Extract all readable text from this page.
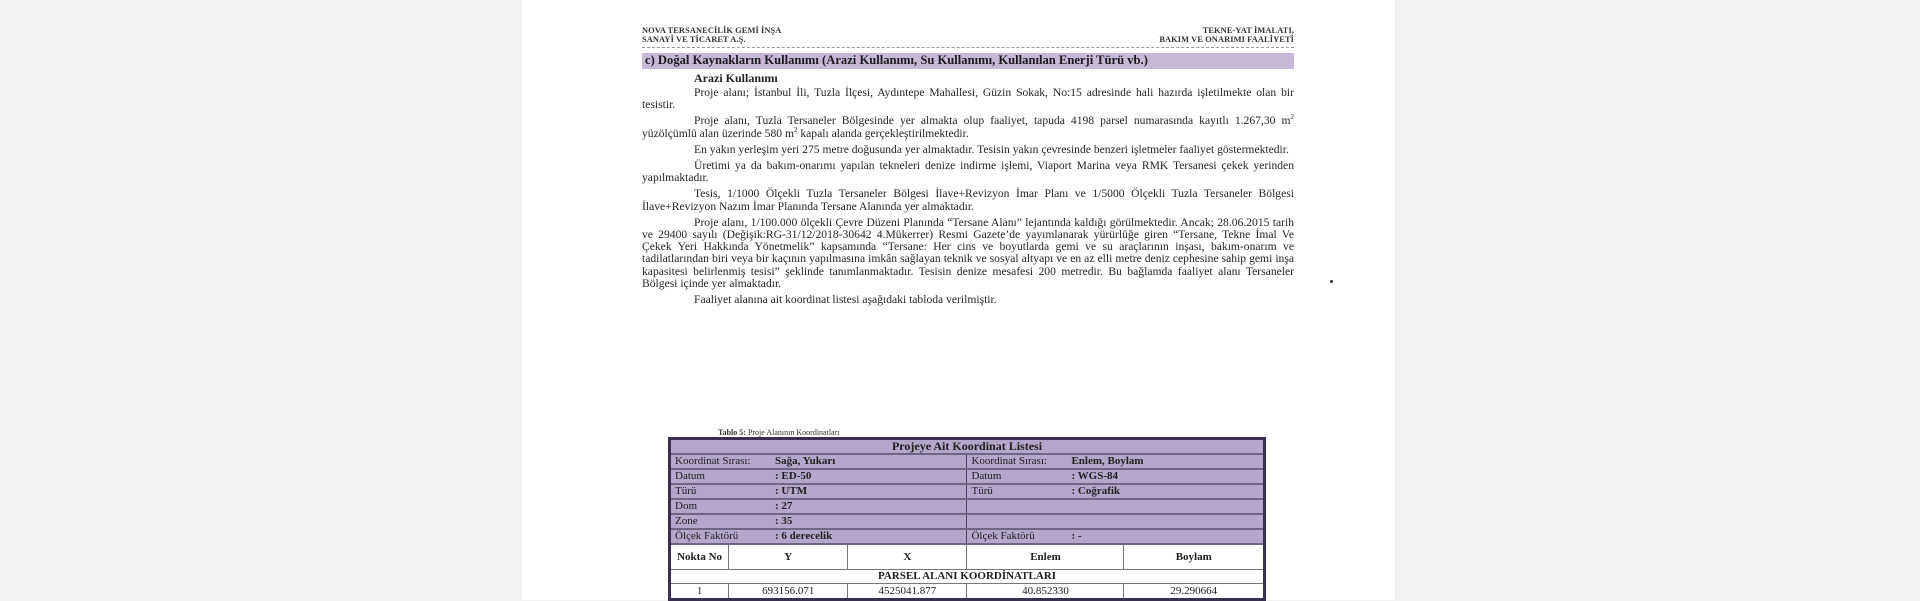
NOVA TERSANECİLİK GEMİ İNŞA
SANAYİ VE TİCARET A.Ş.
TEKNE-YAT İMALATI,
BAKIM VE ONARIMI FAALİYETİ
c) Doğal Kaynakların Kullanımı (Arazi Kullanımı, Su Kullanımı, Kullanılan Enerji Türü vb.)
Arazi Kullanımı

Proje alanı; İstanbul İli, Tuzla İlçesi, Aydıntepe Mahallesi, Güzin Sokak, No:15 adresinde hali hazırda işletilmekte olan bir tesistir.

Proje alanı, Tuzla Tersaneler Bölgesinde yer almakta olup faaliyet, tapuda 4198 parsel numarasında kayıtlı 1.267,30 $m^2$ yüzölçümlü alan üzerinde 580 $m^2$ kapalı alanda gerçekleştirilmektedir.

En yakın yerleşim yeri 275 metre doğusunda yer almaktadır. Tesisin yakın çevresinde benzeri işletmeler faaliyet göstermektedir.

Üretimi ya da bakım-onarımı yapılan tekneleri denize indirme işlemi, Viaport Marina veya RMK Tersanesi çekek yerinden yapılmaktadır.

Tesis, 1/1000 Ölçekli Tuzla Tersaneler Bölgesi İlave+Revizyon İmar Planı ve 1/5000 Ölçekli Tuzla Tersaneler Bölgesi İlave+Revizyon Nazım İmar Planında Tersane Alanında yer almaktadır.

Proje alanı, 1/100.000 ölçekli Çevre Düzeni Planında “Tersane Alanı” lejantında kaldığı görülmektedir. Ancak; 28.06.2015 tarih ve 29400 sayılı (Değişik:RG-31/12/2018-30642 4.Mükerrer) Resmi Gazete’de yayımlanarak yürürlüğe giren “Tersane, Tekne İmal Ve Çekek Yeri Hakkında Yönetmelik” kapsamında “Tersane: Her cins ve boyutlarda gemi ve su araçlarının inşası, bakım-onarım ve tadilatlarından biri veya bir kaçının yapılmasına imkân sağlayan teknik ve sosyal altyapı ve en az elli metre deniz cephesine sahip gemi inşa kapasitesi belirlenmiş tesisi” şeklinde tanımlanmaktadır. Tesisin denize mesafesi 200 metredir. Bu bağlamda faaliyet alanı Tersaneler Bölgesi içinde yer almaktadır.

Faaliyet alanına ait koordinat listesi aşağıdaki tabloda verilmiştir.

Tablo 5: Proje Alanının Koordinatları
Projeye Ait Koordinat Listesi				
Koordinat Sırası: Sağa, Yukarı			Koordinat Sırası: Enlem, Boylam	
Datum : ED-50			Datum : WGS-84	
Türü : UTM			Türü : Coğrafik	
Dom : 27				
Zone : 35				
Ölçek Faktörü : 6 derecelik			Ölçek Faktörü : -	
Nokta No	Y	X	Enlem	Boylam
PARSEL ALANI KOORDİNATLARI				
1	693156.071	4525041.877	40.852330	29.290664
